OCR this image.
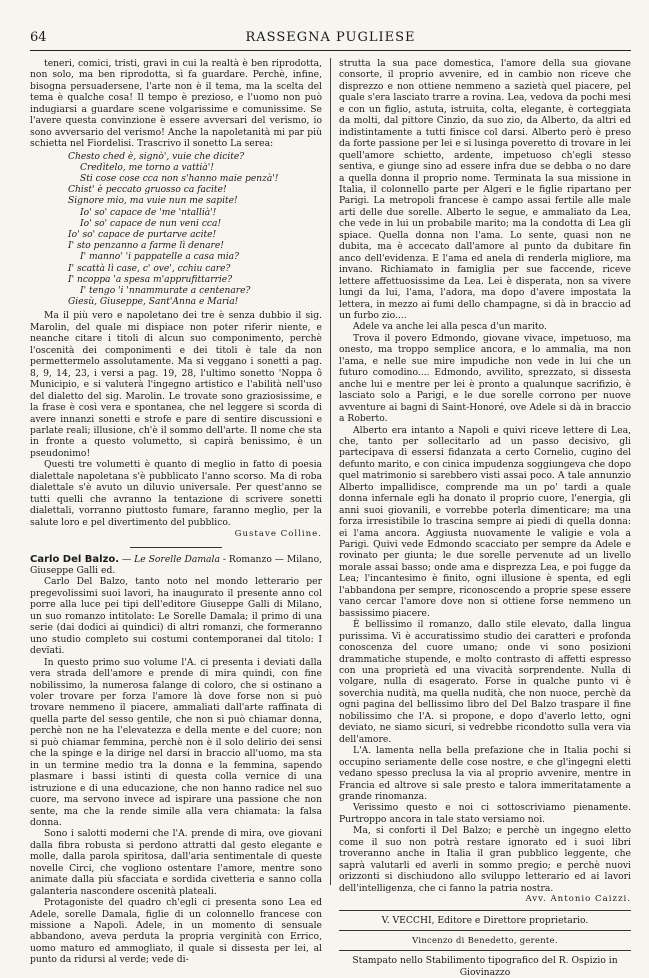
64	RASSEGNA PUGLIESE

teneri, comici, tristi, gravi in cui la realtà è ben riprodotta, non solo, ma ben riprodotta, sì fa guardare. Perchè, infine, bisogna persuadersene, l'arte non è il tema, ma la scelta del tema è qualche cosa! Il tempo è prezioso, e l'uomo non può indugiarsi a guardare scene volgarissime e comunissime. Se l'avere questa convinzione è essere avversari del verismo, io sono avversario del verismo! Anche la napoletanità mi par più schietta nel Fiordelisi. Trascrivo il sonetto La serea:

Chesto ched è, signò', vuie che dicite?
Credìtelo, me torno a vattià'!
Sti cose cose cca non s'hanno maie penzà'!
Chist' è peccato gruosso ca facite!
Signore mio, ma vuie nun me sapite!
Io' so' capace de 'me 'ntallià'!
Io' so' capace de nun veni cca!
Io' so' capace de purtarve acite!
I' sto penzanno a farme lì denare!
I' manno' 'i pappatelle a casa mia?
I' scattà lì case, c' ove', cchiu care?
I' ncoppa 'a spesa m'apprufittarrie?
I' tengo 'i 'nnammurate a centenare?
Giesù, Giuseppe, Sant'Anna e Maria!

Ma il più vero e napoletano dei tre è senza dubbio il sig. Marolin, del quale mi dispiace non poter riferir niente, e neanche citare i titoli di alcun suo componimento, perchè l'oscenità dei componimenti e dei titoli è tale da non permettermelo assolutamente. Ma si veggano i sonetti a pag. 8, 9, 14, 23, i versi a pag. 19, 28, l'ultimo sonetto 'Noppa ô Municipio, e si valuterà l'ingegno artistico e l'abilità nell'uso del dialetto del sig. Marolin. Le trovate sono graziosissime, e la frase è così vera e spontanea, che nel leggere si scorda di avere innanzi sonetti e strofe e pare di sentire discussioni e parlate reali; illusione, ch'è il sommo dell'arte. Il nome che sta in fronte a questo volumetto, sì capirà benissimo, è un pseudonimo!

Questi tre volumetti è quanto di meglio in fatto di poesia dialettale napoletana s'è pubblicato l'anno scorso. Ma di roba dialettale s'è avuto un diluvio universale. Per quest'anno se tutti quelli che avranno la tentazione di scrivere sonetti dialettali, vorranno piuttosto fumare, faranno meglio, per la salute loro e pel divertimento del pubblico.

Gustave Colline.

Carlo Del Balzo. — Le Sorelle Damala - Romanzo — Milano, Giuseppe Galli ed.

Carlo Del Balzo, tanto noto nel mondo letterario per pregevolissimi suoi lavori, ha inaugurato il presente anno col porre alla luce pei tipi dell'editore Giuseppe Galli di Milano, un suo romanzo intitolato: Le Sorelle Damala; il primo di una serie (dai dodici ai quindici) di altri romanzi, che formeranno uno studio completo sui costumi contemporanei dal titolo: I devïati.

In questo primo suo volume l'A. ci presenta i deviati dalla vera strada dell'amore e prende di mira quindi, con fine nobilissimo, la numerosa falange di coloro, che si ostinano a voler trovare per forza l'amore là dove forse non si può trovare nemmeno il piacere, ammaliati dall'arte raffinata di quella parte del sesso gentile, che non si può chiamar donna, perchè non ne ha l'elevatezza e della mente e del cuore; non si può chiamar femmina, perchè non è il solo delirio dei sensi che la spinge e la dirige nel darsi in braccio all'uomo, ma sta in un termine medio tra la donna e la femmina, sapendo plasmare i bassi istinti di questa colla vernice di una istruzione e di una educazione, che non hanno radice nel suo cuore, ma servono invece ad ispirare una passione che non sente, ma che la rende simile alla vera chiamata: la falsa donna.

Sono i salotti moderni che l'A. prende di mira, ove giovani dalla fibra robusta si perdono attratti dal gesto elegante e molle, dalla parola spiritosa, dall'aria sentimentale di queste novelle Circi, che vogliono ostentare l'amore, mentre sono animate dalla più sfacciata e sordida civetteria e sanno colla galanteria nascondere oscenità plateali.

Protagoniste del quadro ch'egli ci presenta sono Lea ed Adele, sorelle Damala, figlie di un colonnello francese con missione a Napoli. Adele, in un momento di sensuale abbandono, aveva perduta la propria verginità con Errico, uomo maturo ed ammogliato, il quale si dissesta per lei, al punto da ridursi al verde; vede di-

strutta la sua pace domestica, l'amore della sua giovane consorte, il proprio avvenire, ed in cambio non riceve che disprezzo e non ottiene nemmeno a sazietà quel piacere, pel quale s'era lasciato trarre a rovina. Lea, vedova da pochi mesi e con un figlio, astuta, istruita, colta, elegante, è corteggiata da molti, dal pittore Cinzio, da suo zio, da Alberto, da altri ed indistintamente a tutti finisce col darsi. Alberto però è preso da forte passione per lei e si lusinga poveretto di trovare in lei quell'amore schietto, ardente, impetuoso ch'egli stesso sentiva, e giunge sino ad essere infra due se debba o no dare a quella donna il proprio nome. Terminata la sua missione in Italia, il colonnello parte per Algeri e le figlie ripartano per Parigi. La metropoli francese è campo assai fertile alle male arti delle due sorelle. Alberto le segue, e ammaliato da Lea, che vede in lui un probabile marito; ma la condotta di Lea gli spiace. Quella donna non l'ama. Lo sente, quasi non ne dubita, ma è accecato dall'amore al punto da dubitare fin anco dell'evidenza. E l'ama ed anela di renderla migliore, ma invano. Richiamato in famiglia per sue faccende, riceve lettere affettuosissime da Lea. Lei è disperata, non sa vivere lungi da lui, l'ama, l'adora, ma dopo d'avere impostata la lettera, in mezzo ai fumi dello champagne, si dà in braccio ad un furbo zio....

Adele va anche lei alla pesca d'un marito.

Trova il povero Edmondo, giovane vivace, impetuoso, ma onesto, ma troppo semplice ancora, e lo ammalia, ma non l'ama, e nelle sue mire impudiche non vede in lui che un futuro comodino.... Edmondo, avvilito, sprezzato, si dissesta anche lui e mentre per lei è pronto a qualunque sacrifizio, è lasciato solo a Parigi, e le due sorelle corrono per nuove avventure ai bagni di Saint-Honoré, ove Adele si dà in braccio a Roberto.

Alberto era intanto a Napoli e quivi riceve lettere di Lea, che, tanto per sollecitarlo ad un passo decisivo, gli partecipava di essersi fidanzata a certo Cornelio, cugino del defunto marito, e con cinica impudenza soggiungeva che dopo quel matrimonio si sarebbero visti assai poco. A tale annunzio Alberto impallidisce, comprende ma un po' tardi a quale donna infernale egli ha donato il proprio cuore, l'energia, gli anni suoi giovanili, e vorrebbe poterla dimenticare; ma una forza irresistibile lo trascina sempre ai piedi di quella donna: ei l'ama ancora. Aggiusta nuovamente le valigie e vola a Parigi. Quivi vede Edmondo scacciato per sempre da Adele e rovinato per giunta; le due sorelle pervenute ad un livello morale assai basso; onde ama e disprezza Lea, e poi fugge da Lea; l'incantesimo è finito, ogni illusione è spenta, ed egli l'abbandona per sempre, riconoscendo a proprie spese essere vano cercar l'amore dove non si ottiene forse nemmeno un bassissimo piacere.

È bellissimo il romanzo, dallo stile elevato, dalla lingua purissima. Vi è accuratissimo studio dei caratteri e profonda conoscenza del cuore umano; onde vi sono posizioni drammatiche stupende, e molto contrasto di affetti espresso con una proprietà ed una vivacità sorprendente. Nulla di volgare, nulla di esagerato. Forse in qualche punto vi è soverchia nudità, ma quella nudità, che non nuoce, perchè da ogni pagina del bellissimo libro del Del Balzo traspare il fine nobilissimo che l'A. si propone, e dopo d'averlo letto, ogni deviato, ne siamo sicuri, si vedrebbe ricondotto sulla vera via dell'amore.

L'A. lamenta nella bella prefazione che in Italia pochi si occupino seriamente delle cose nostre, e che gl'ingegni eletti vedano spesso preclusa la via al proprio avvenire, mentre in Francia ed altrove si sale presto e talora immeritatamente a grande rinomanza.

Verissimo questo e noi ci sottoscriviamo pienamente. Purtroppo ancora in tale stato versiamo noi.

Ma, si conforti il Del Balzo; e perchè un ingegno eletto come il suo non potrà restare ignorato ed i suoi libri troveranno anche in Italia il gran pubblico leggente, che saprà valutarli ed averli in sommo pregio; e perchè nuovi orizzonti si dischiudono allo sviluppo letterario ed ai lavori dell'intelligenza, che ci fanno la patria nostra.

Avv. Antonio Caizzi.

V. VECCHI, Editore e Direttore proprietario.

Vincenzo di Benedetto, gerente.

Stampato nello Stabilimento tipografico del R. Ospizio in Giovinazzo
